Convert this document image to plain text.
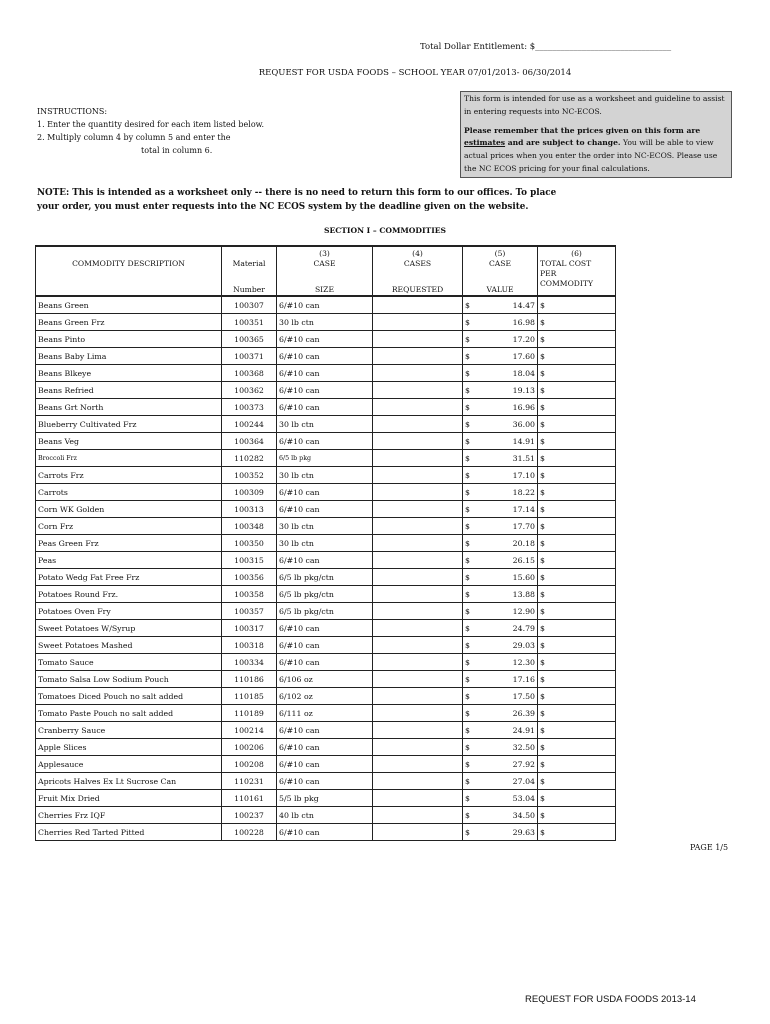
Total Dollar Entitlement: $________________________________
REQUEST FOR USDA FOODS – SCHOOL YEAR 07/01/2013- 06/30/2014
INSTRUCTIONS:
1. Enter the quantity desired for each item listed below.
2. Multiply column 4 by column 5 and enter the
total in column 6.
This form is intended for use as a worksheet and guideline to assist in entering requests into NC-ECOS.
Please remember that the prices given on this form are
estimates and are subject to change. You will be able to view actual prices when you enter the order into NC-ECOS. Please use the NC ECOS pricing for your final calculations.
NOTE: This is intended as a worksheet only -- there is no need to return this form to our offices. To place
your order, you must enter requests into the NC ECOS system by the deadline given on the website.
SECTION I – COMMODITIES
		(3)	(4)	(5)	(6)
COMMODITY DESCRIPTION	Material	CASE	CASES	CASE	TOTAL COST
PER
COMMODITY

	Number	SIZE	REQUESTED	VALUE	
Beans Green	100307	6/#10 can		$ 14.47	$
Beans Green Frz	100351	30 lb ctn		$ 16.98	$
Beans Pinto	100365	6/#10 can		$ 17.20	$
Beans Baby Lima	100371	6/#10 can		$ 17.60	$
Beans Blkeye	100368	6/#10 can		$ 18.04	$
Beans Refried	100362	6/#10 can		$ 19.13	$
Beans Grt North	100373	6/#10 can		$ 16.96	$
Blueberry Cultivated Frz	100244	30 lb ctn		$ 36.00	$
Beans Veg	100364	6/#10 can		$ 14.91	$
Broccoli Frz	110282	6/5 lb pkg		$ 31.51	$
Carrots Frz	100352	30 lb ctn		$ 17.10	$
Carrots	100309	6/#10 can		$ 18.22	$
Corn WK Golden	100313	6/#10 can		$ 17.14	$
Corn Frz	100348	30 lb ctn		$ 17.70	$
Peas Green Frz	100350	30 lb ctn		$ 20.18	$
Peas	100315	6/#10 can		$ 26.15	$
Potato Wedg Fat Free Frz	100356	6/5 lb pkg/ctn		$ 15.60	$
Potatoes Round Frz.	100358	6/5 lb pkg/ctn		$ 13.88	$
Potatoes Oven Fry	100357	6/5 lb pkg/ctn		$ 12.90	$
Sweet Potatoes W/Syrup	100317	6/#10 can		$ 24.79	$
Sweet Potatoes Mashed	100318	6/#10 can		$ 29.03	$
Tomato Sauce	100334	6/#10 can		$ 12.30	$
Tomato Salsa Low Sodium Pouch	110186	6/106 oz		$ 17.16	$
Tomatoes Diced Pouch no salt added	110185	6/102 oz		$ 17.50	$
Tomato Paste Pouch no salt added	110189	6/111 oz		$ 26.39	$
Cranberry Sauce	100214	6/#10 can		$ 24.91	$
Apple Slices	100206	6/#10 can		$ 32.50	$
Applesauce	100208	6/#10 can		$ 27.92	$
Apricots Halves Ex Lt Sucrose Can	110231	6/#10 can		$ 27.04	$
Fruit Mix Dried	110161	5/5 lb pkg		$ 53.04	$
Cherries Frz IQF	100237	40 lb ctn		$ 34.50	$
Cherries Red Tarted Pitted	100228	6/#10 can		$ 29.63	$
PAGE 1/5
REQUEST FOR USDA FOODS 2013-14
